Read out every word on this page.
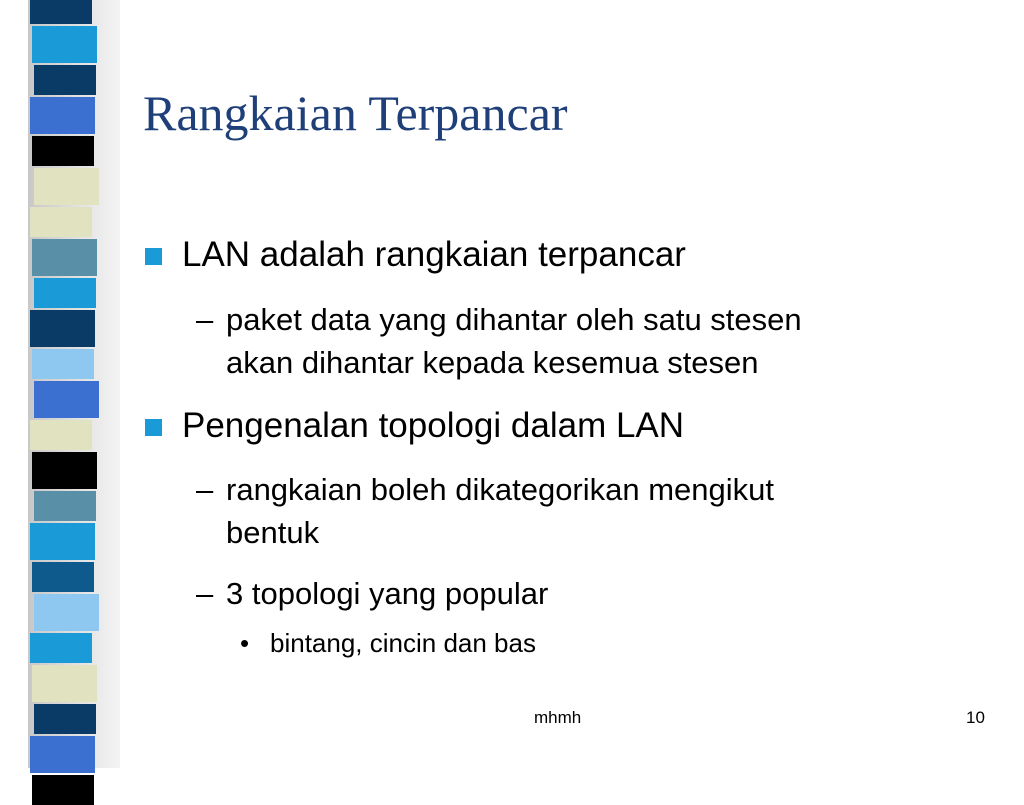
Rangkaian Terpancar
LAN adalah rangkaian terpancar
– paket data yang dihantar oleh satu stesen
akan dihantar kepada kesemua stesen
Pengenalan topologi dalam LAN
– rangkaian boleh dikategorikan mengikut
bentuk
– 3 topologi yang popular
• bintang, cincin dan bas
mhmh	10
